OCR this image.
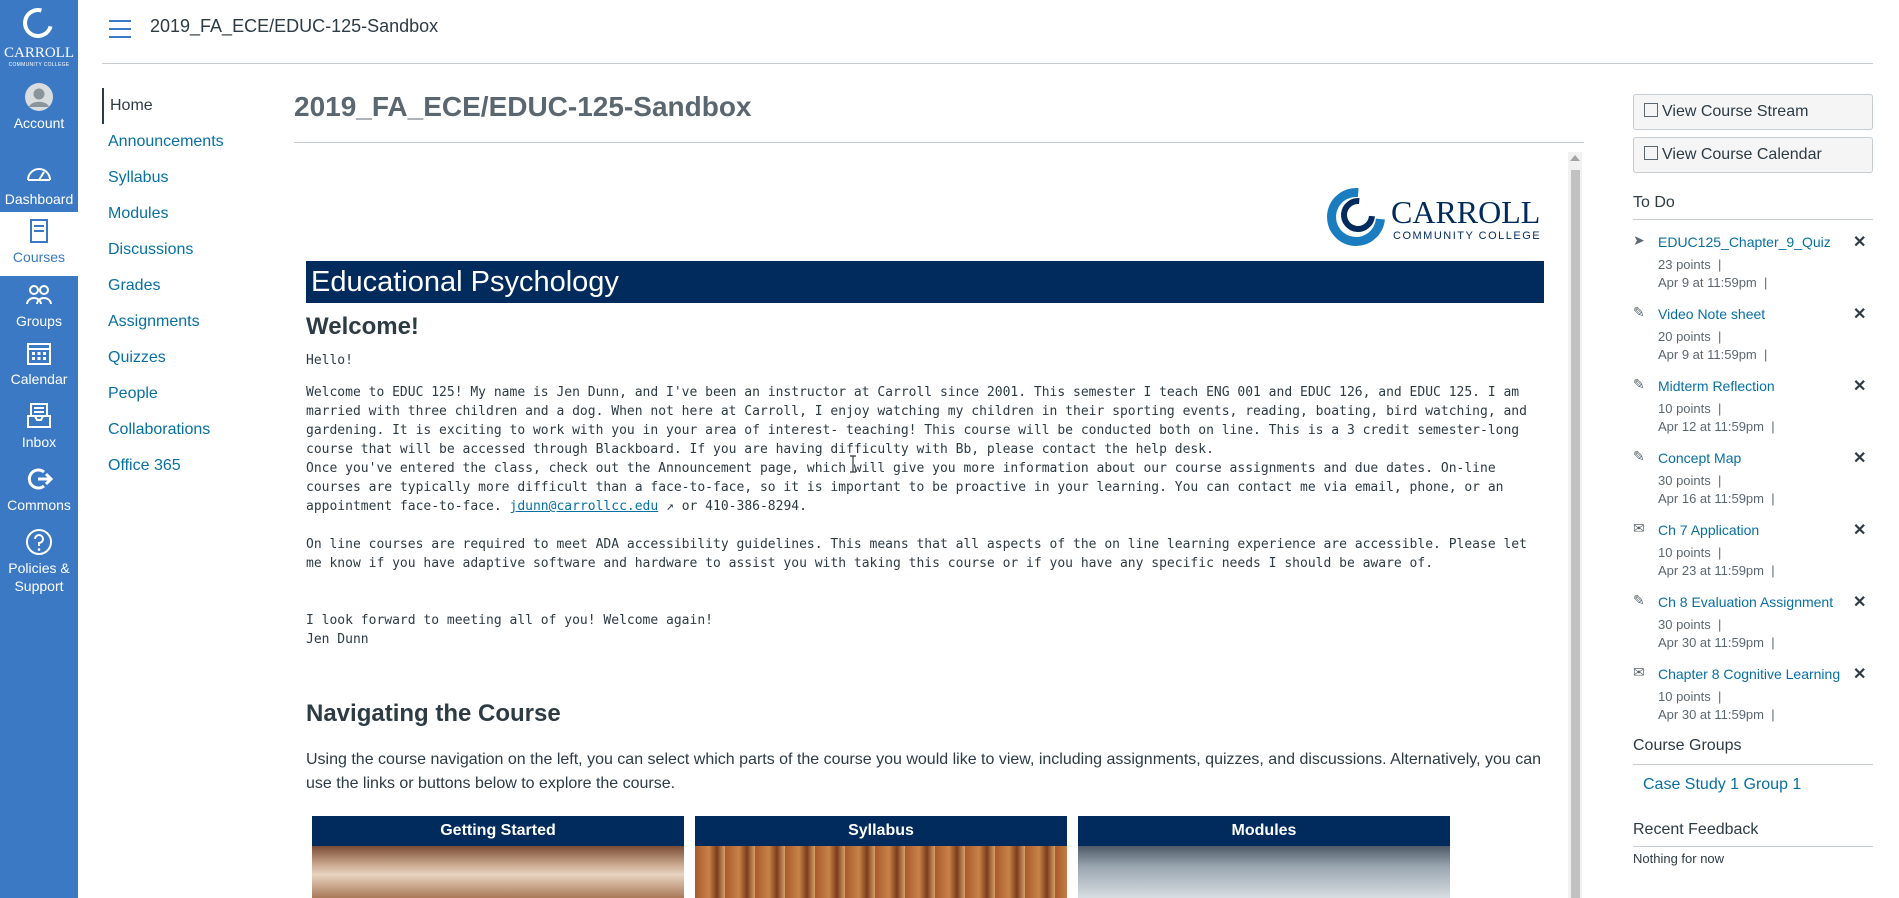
CARROLL
COMMUNITY COLLEGE
Account
Dashboard
Courses
Groups
Calendar
Inbox
Commons
Policies &
Support
2019_FA_ECE/EDUC-125-Sandbox
Home
Announcements
Syllabus
Modules
Discussions
Grades
Assignments
Quizzes
People
Collaborations
Office 365
2019_FA_ECE/EDUC-125-Sandbox
CARROLL
COMMUNITY COLLEGE
Educational Psychology
Welcome!
Hello!
Welcome to EDUC 125! My name is Jen Dunn, and I've been an instructor at Carroll since 2001. This semester I teach ENG 001 and EDUC 126, and EDUC 125. I am married with three children and a dog. When not here at Carroll, I enjoy watching my children in their sporting events, reading, boating, bird watching, and gardening. It is exciting to work with you in your area of interest- teaching! This course will be conducted both on line. This is a 3 credit semester-long course that will be accessed through Blackboard. If you are having difficulty with Bb, please contact the help desk.
Once you've entered the class, check out the Announcement page, which will give you more information about our course assignments and due dates. On-line courses are typically more difficult than a face-to-face, so it is important to be proactive in your learning. You can contact me via email, phone, or an appointment face-to-face. jdunn@carrollcc.edu ↗ or 410-386-8294.
On line courses are required to meet ADA accessibility guidelines. This means that all aspects of the on line learning experience are accessible. Please let me know if you have adaptive software and hardware to assist you with taking this course or if you have any specific needs I should be aware of.
I look forward to meeting all of you! Welcome again!
Jen Dunn
Navigating the Course

Using the course navigation on the left, you can select which parts of the course you would like to view, including assignments, quizzes, and discussions. Alternatively, you can use the links or buttons below to explore the course.

Getting Started	Syllabus	Modules
View Course Stream
View Course Calendar
To Do
➤ EDUC125_Chapter_9_Quiz
23 points  |
Apr 9 at 11:59pm  |
✕
✎ Video Note sheet
20 points  |
Apr 9 at 11:59pm  |
✕
✎ Midterm Reflection
10 points  |
Apr 12 at 11:59pm  |
✕
✎ Concept Map
30 points  |
Apr 16 at 11:59pm  |
✕
✉ Ch 7 Application
10 points  |
Apr 23 at 11:59pm  |
✕
✎ Ch 8 Evaluation Assignment
30 points  |
Apr 30 at 11:59pm  |
✕
✉ Chapter 8 Cognitive Learning
10 points  |
Apr 30 at 11:59pm  |
✕
Course Groups
Case Study 1 Group 1
Recent Feedback
Nothing for now
